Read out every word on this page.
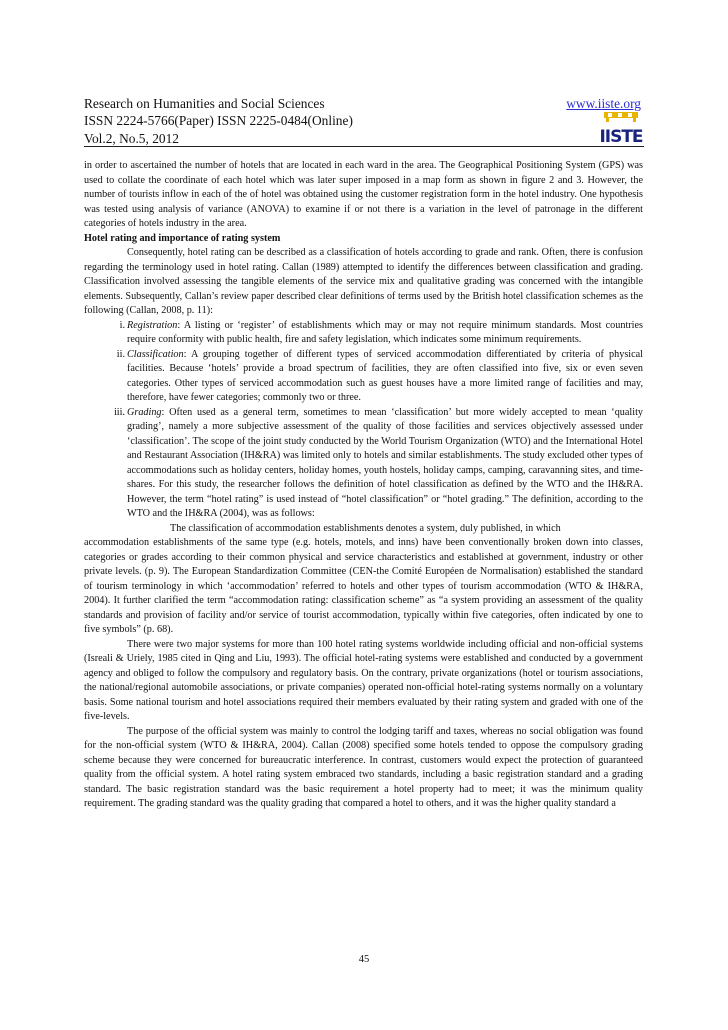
Research on Humanities and Social Sciences
ISSN 2224-5766(Paper) ISSN 2225-0484(Online)
Vol.2, No.5, 2012
www.iiste.org
IISTE

in order to ascertained the number of hotels that are located in each ward in the area. The Geographical Positioning System (GPS) was used to collate the coordinate of each hotel which was later super imposed in a map form as shown in figure 2 and 3. However, the number of tourists inflow in each of the of hotel was obtained using the customer registration form in the hotel industry. One hypothesis was tested using analysis of variance (ANOVA) to examine if or not there is a variation in the level of patronage in the different categories of hotels industry in the area.

Hotel rating and importance of rating system

Consequently, hotel rating can be described as a classification of hotels according to grade and rank. Often, there is confusion regarding the terminology used in hotel rating. Callan (1989) attempted to identify the differences between classification and grading. Classification involved assessing the tangible elements of the service mix and qualitative grading was concerned with the intangible elements. Subsequently, Callan’s review paper described clear definitions of terms used by the British hotel classification schemes as the following (Callan, 2008, p. 11):

i. Registration: A listing or ‘register’ of establishments which may or may not require minimum standards. Most countries require conformity with public health, fire and safety legislation, which indicates some minimum requirements.

ii. Classification: A grouping together of different types of serviced accommodation differentiated by criteria of physical facilities. Because ‘hotels’ provide a broad spectrum of facilities, they are often classified into five, six or even seven categories. Other types of serviced accommodation such as guest houses have a more limited range of facilities and may, therefore, have fewer categories; commonly two or three.

iii. Grading: Often used as a general term, sometimes to mean ‘classification’ but more widely accepted to mean ‘quality grading’, namely a more subjective assessment of the quality of those facilities and services objectively assessed under ‘classification’. The scope of the joint study conducted by the World Tourism Organization (WTO) and the International Hotel and Restaurant Association (IH&RA) was limited only to hotels and similar establishments. The study excluded other types of accommodations such as holiday centers, holiday homes, youth hostels, holiday camps, camping, caravanning sites, and time-shares. For this study, the researcher follows the definition of hotel classification as defined by the WTO and the IH&RA. However, the term “hotel rating” is used instead of “hotel classification” or “hotel grading.” The definition, according to the WTO and the IH&RA (2004), was as follows:

The classification of accommodation establishments denotes a system, duly published, in which

accommodation establishments of the same type (e.g. hotels, motels, and inns) have been conventionally broken down into classes, categories or grades according to their common physical and service characteristics and established at government, industry or other private levels. (p. 9). The European Standardization Committee (CEN-the Comité Européen de Normalisation) established the standard of tourism terminology in which ‘accommodation’ referred to hotels and other types of tourism accommodation (WTO & IH&RA, 2004). It further clarified the term “accommodation rating: classification scheme” as “a system providing an assessment of the quality standards and provision of facility and/or service of tourist accommodation, typically within five categories, often indicated by one to five symbols” (p. 68).

There were two major systems for more than 100 hotel rating systems worldwide including official and non-official systems (Isreali & Uriely, 1985 cited in Qing and Liu, 1993). The official hotel-rating systems were established and conducted by a government agency and obliged to follow the compulsory and regulatory basis. On the contrary, private organizations (hotel or tourism associations, the national/regional automobile associations, or private companies) operated non-official hotel-rating systems normally on a voluntary basis. Some national tourism and hotel associations required their members evaluated by their rating system and graded with one of the five-levels.

The purpose of the official system was mainly to control the lodging tariff and taxes, whereas no social obligation was found for the non-official system (WTO & IH&RA, 2004). Callan (2008) specified some hotels tended to oppose the compulsory grading scheme because they were concerned for bureaucratic interference. In contrast, customers would expect the protection of guaranteed quality from the official system. A hotel rating system embraced two standards, including a basic registration standard and a grading standard. The basic registration standard was the basic requirement a hotel property had to meet; it was the minimum quality requirement. The grading standard was the quality grading that compared a hotel to others, and it was the higher quality standard a

45
